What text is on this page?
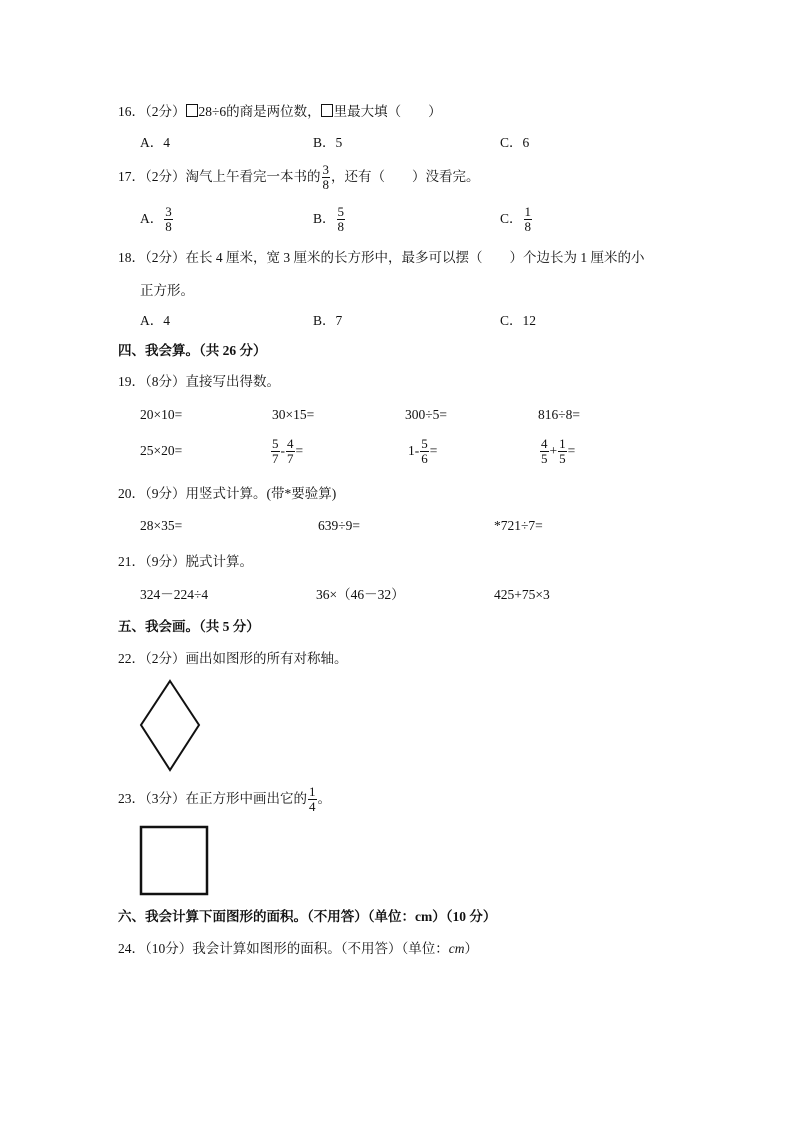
16．（2分） 28÷6的商是两位数， 里最大填（　　）
A．4	B．5	C．6
17．（2分）淘气上午看完一本书的 $\frac{3}{8}$ ，还有（　　）没看完。
A． $\frac{3}{8}$	B． $\frac{5}{8}$	C． $\frac{1}{8}$
18．（2分）在长 4 厘米，宽 3 厘米的长方形中，最多可以摆（　　）个边长为 1 厘米的小
正方形。
A．4	B．7	C．12
四、我会算。（共 26 分）
19．（8分）直接写出得数。
20×10=	30×15=	300÷5=	816÷8=
25×20=	$\frac{5}{7} - \frac{4}{7}$ =	$1- \frac{5}{6}$ =	$\frac{4}{5} + \frac{1}{5}$ =
20．（9分）用竖式计算。(带*要验算)
28×35=	639÷9=	*721÷7=
21．（9分）脱式计算。
324－224÷4	36×（46－32）	425+75×3
五、我会画。（共 5 分）
22．（2分）画出如图形的所有对称轴。
23．（3分）在正方形中画出它的 $\frac{1}{4}$ 。
六、我会计算下面图形的面积。（不用答）（单位：cm）（10 分）
24．（10分）我会计算如图形的面积。（不用答）（单位：cm）
